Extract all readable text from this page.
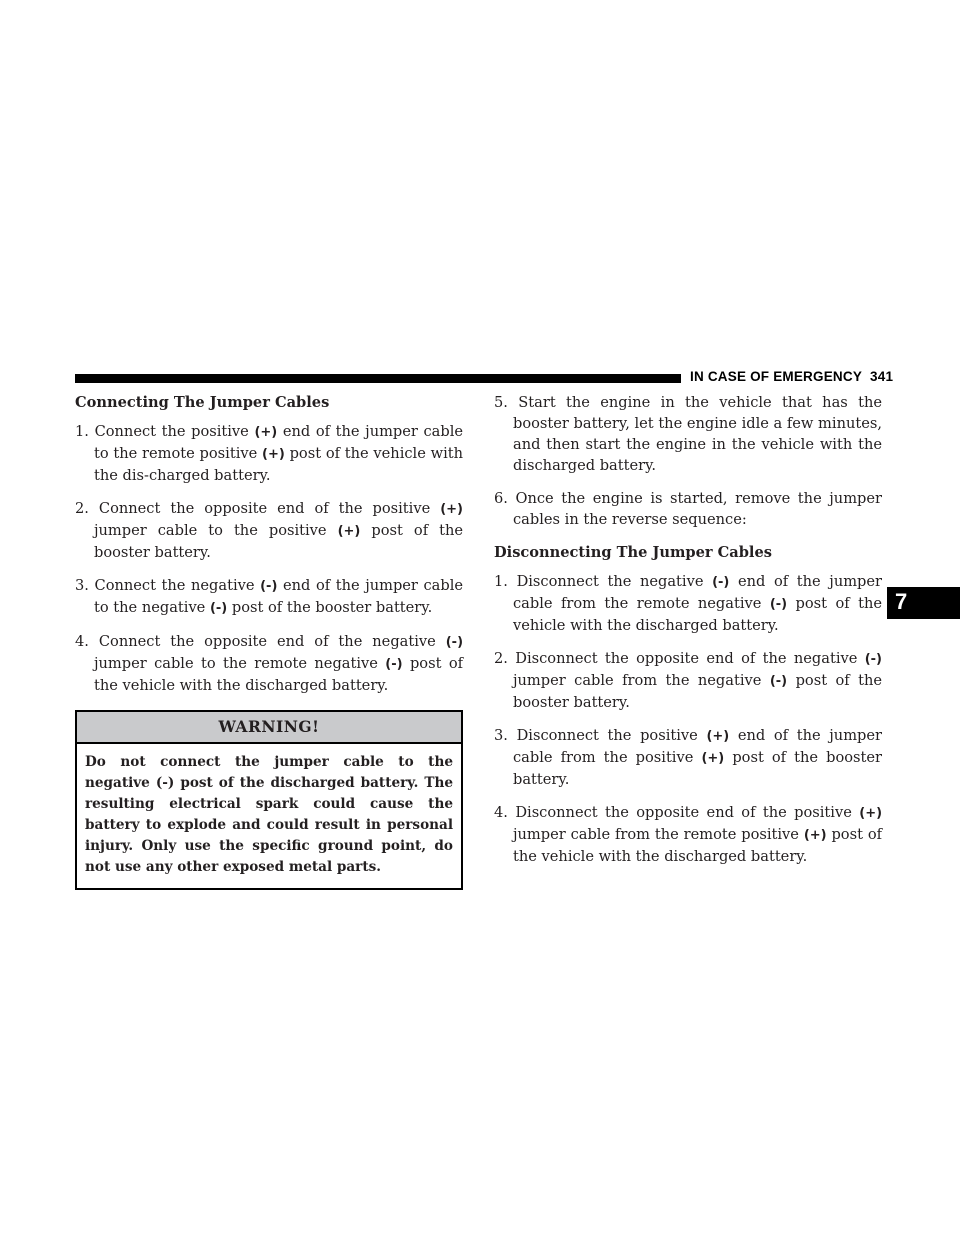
IN CASE OF EMERGENCY 341
Connecting The Jumper Cables
1. Connect the positive (+) end of the jumper cable to the remote positive (+) post of the vehicle with the dis-charged battery.
2. Connect the opposite end of the positive (+) jumper cable to the positive (+) post of the booster battery.
3. Connect the negative (-) end of the jumper cable to the negative (-) post of the booster battery.
4. Connect the opposite end of the negative (-) jumper cable to the remote negative (-) post of the vehicle with the discharged battery.
WARNING!
Do not connect the jumper cable to the negative (-) post of the discharged battery. The resulting electrical spark could cause the battery to explode and could result in personal injury. Only use the specific ground point, do not use any other exposed metal parts.
5. Start the engine in the vehicle that has the booster battery, let the engine idle a few minutes, and then start the engine in the vehicle with the discharged battery.
6. Once the engine is started, remove the jumper cables in the reverse sequence:
Disconnecting The Jumper Cables
1. Disconnect the negative (-) end of the jumper cable from the remote negative (-) post of the vehicle with the discharged battery.
2. Disconnect the opposite end of the negative (-) jumper cable from the negative (-) post of the booster battery.
3. Disconnect the positive (+) end of the jumper cable from the positive (+) post of the booster battery.
4. Disconnect the opposite end of the positive (+) jumper cable from the remote positive (+) post of the vehicle with the discharged battery.
7
